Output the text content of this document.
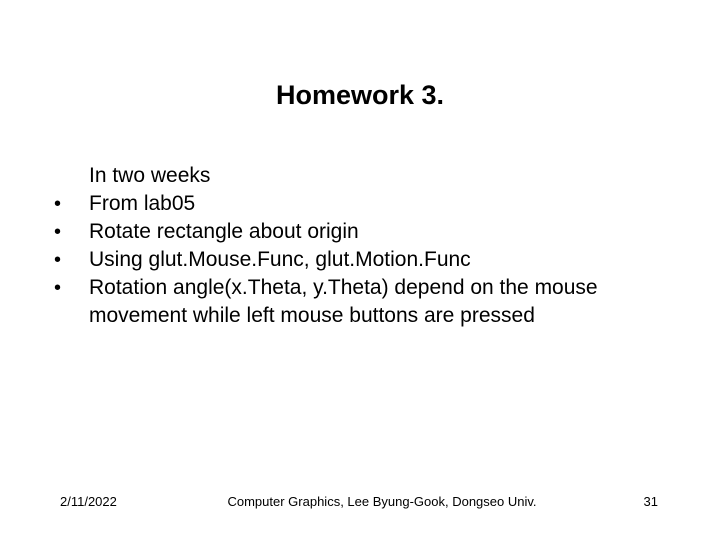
Homework 3.
In two weeks
•	From lab05
•	Rotate rectangle about origin
•	Using glut.Mouse.Func, glut.Motion.Func
•	Rotation angle(x.Theta, y.Theta) depend on the mouse movement while left mouse buttons are pressed
2/11/2022	Computer Graphics, Lee Byung-Gook, Dongseo Univ.	31
